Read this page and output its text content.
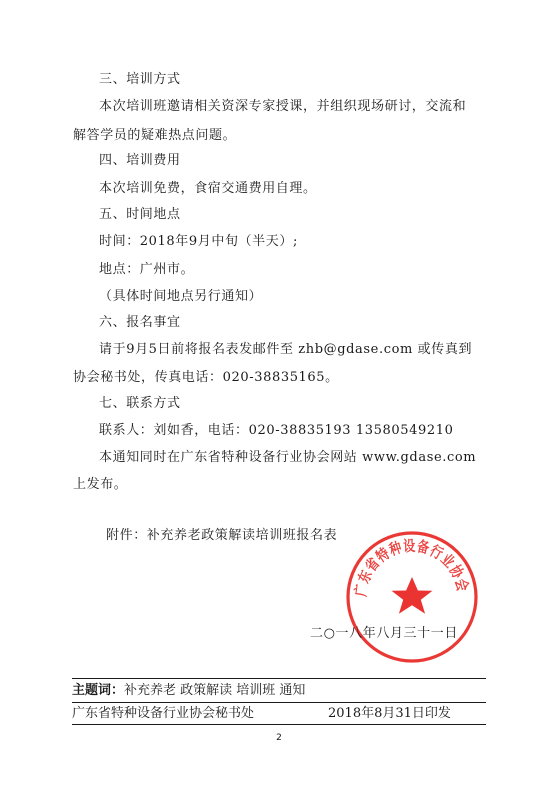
三、培训方式
本次培训班邀请相关资深专家授课，并组织现场研讨，交流和
解答学员的疑难热点问题。
四、培训费用
本次培训免费，食宿交通费用自理。
五、时间地点
时间：2018年9月中旬（半天）;
地点：广州市。
（具体时间地点另行通知）
六、报名事宜
请于9月5日前将报名表发邮件至 zhb@gdase.com 或传真到
协会秘书处，传真电话：020-38835165。
七、联系方式
联系人：刘如香，电话：020-38835193 13580549210
本通知同时在广东省特种设备行业协会网站 www.gdase.com
上发布。
附件：补充养老政策解读培训班报名表
广东省特种设备行业协会
二○一八年八月三十一日
主题词：补充养老 政策解读 培训班 通知
广东省特种设备行业协会秘书处	2018年8月31日印发
2
